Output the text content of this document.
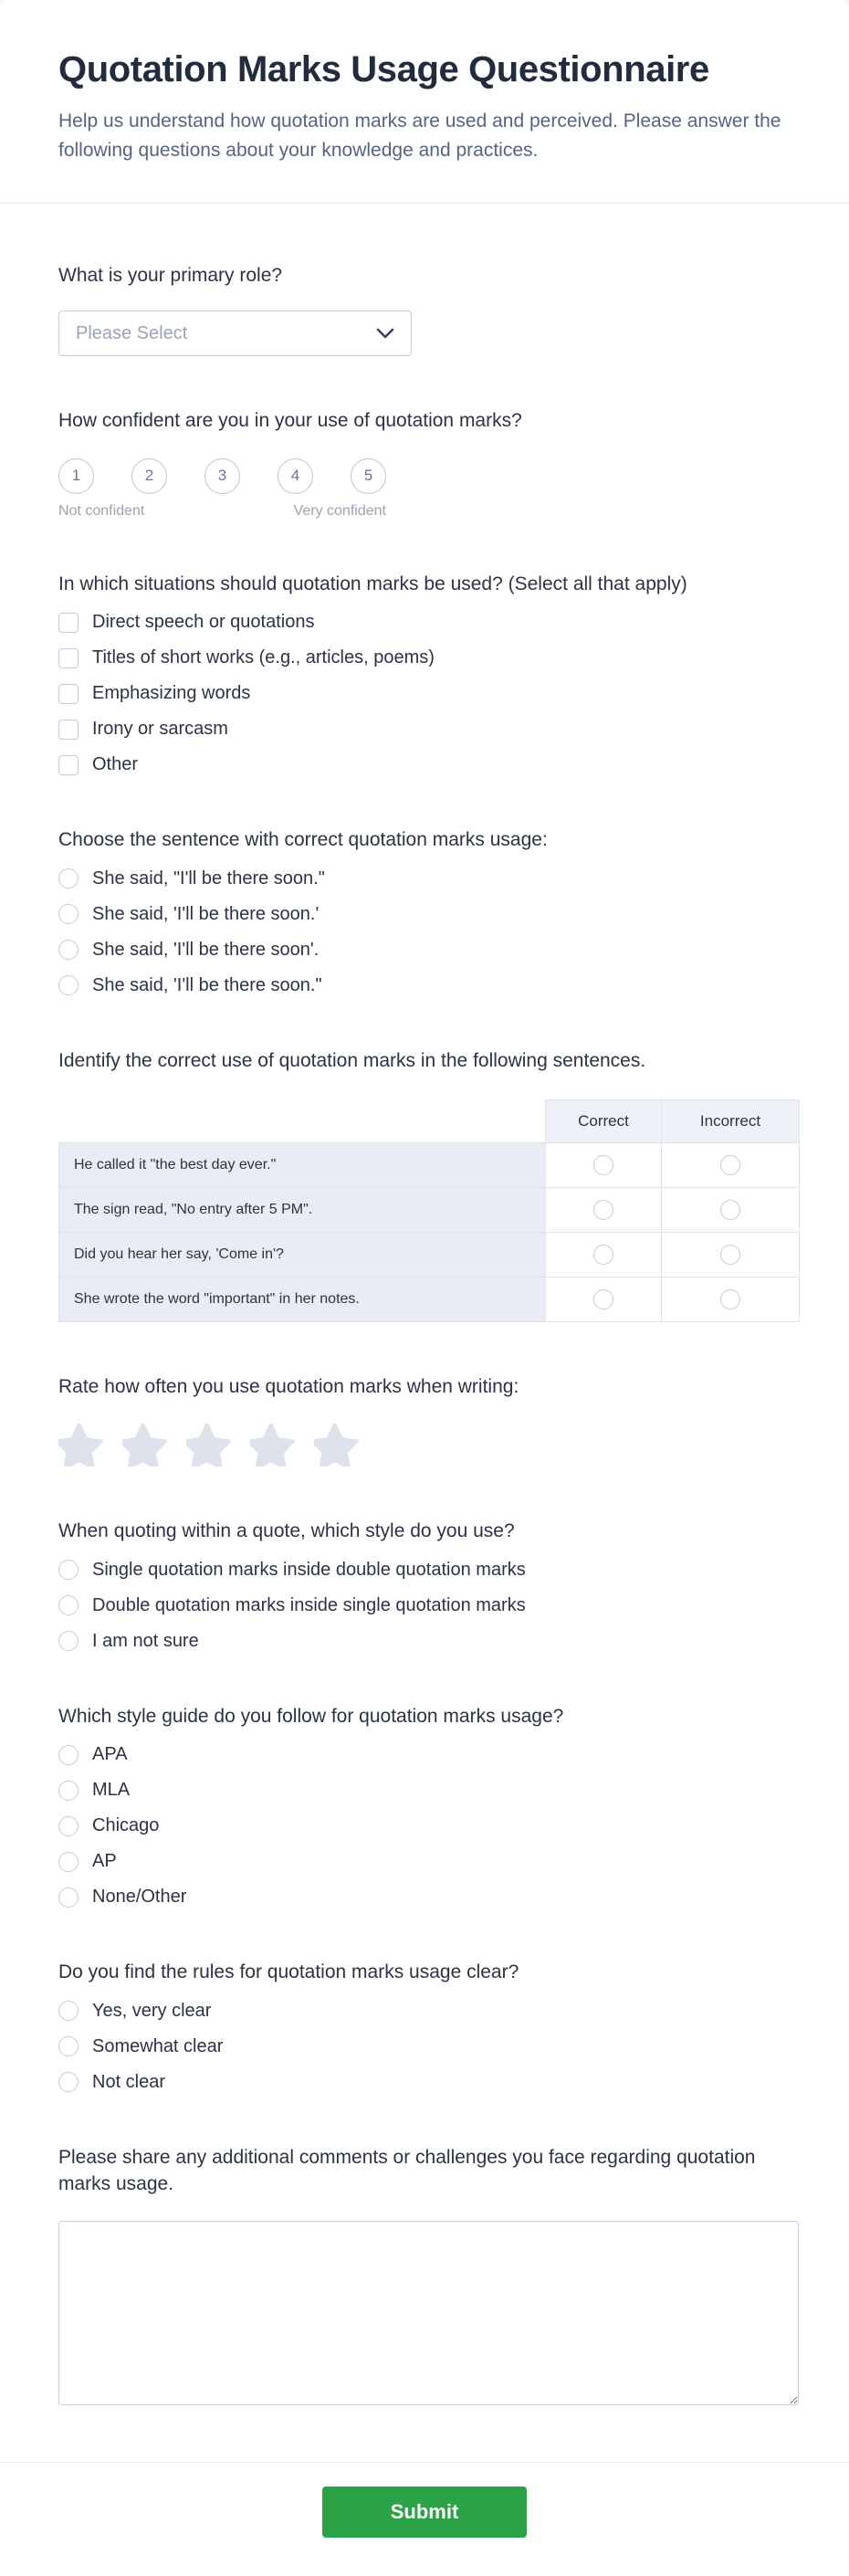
Quotation Marks Usage Questionnaire
Help us understand how quotation marks are used and perceived. Please answer the following questions about your knowledge and practices.
What is your primary role?
Please Select
How confident are you in your use of quotation marks?
1	2	3	4	5
Not confident	Very confident
In which situations should quotation marks be used? (Select all that apply)
Direct speech or quotations
Titles of short works (e.g., articles, poems)
Emphasizing words
Irony or sarcasm
Other
Choose the sentence with correct quotation marks usage:
She said, "I'll be there soon."
She said, 'I'll be there soon.'
She said, 'I'll be there soon'.
She said, 'I'll be there soon."
Identify the correct use of quotation marks in the following sentences.
	Correct	Incorrect
He called it "the best day ever."		
The sign read, "No entry after 5 PM".		
Did you hear her say, 'Come in'?		
She wrote the word "important" in her notes.		
Rate how often you use quotation marks when writing:
When quoting within a quote, which style do you use?
Single quotation marks inside double quotation marks
Double quotation marks inside single quotation marks
I am not sure
Which style guide do you follow for quotation marks usage?
APA
MLA
Chicago
AP
None/Other
Do you find the rules for quotation marks usage clear?
Yes, very clear
Somewhat clear
Not clear
Please share any additional comments or challenges you face regarding quotation marks usage.
Submit
